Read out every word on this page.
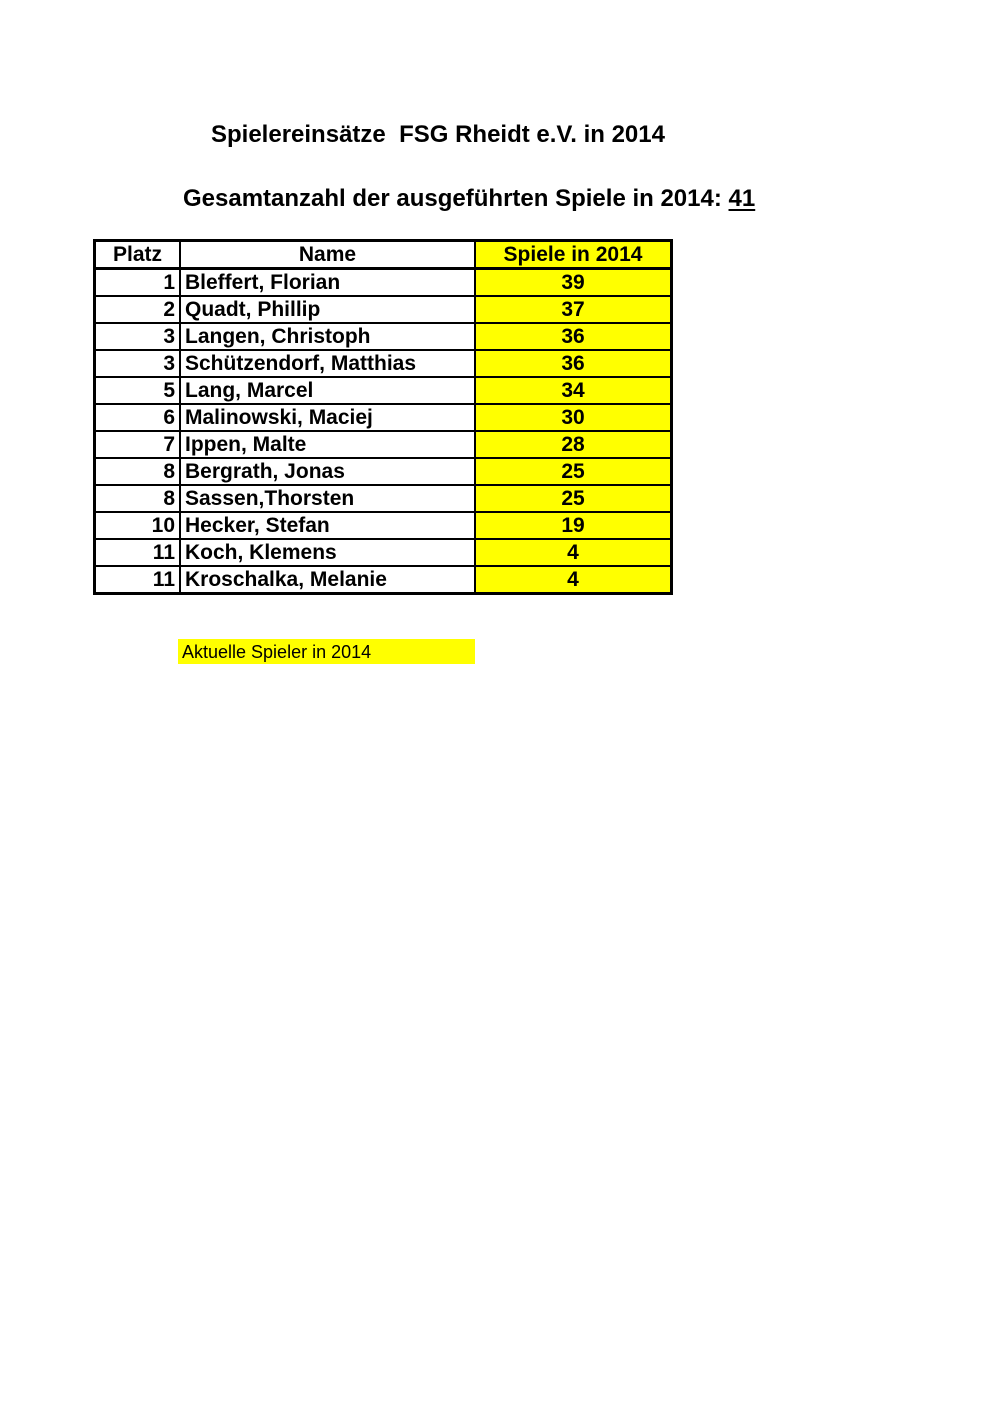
Spielereinsätze  FSG Rheidt e.V. in 2014
Gesamtanzahl der ausgeführten Spiele in 2014: 41
Platz	Name	Spiele in 2014
1	Bleffert, Florian	39
2	Quadt, Phillip	37
3	Langen, Christoph	36
3	Schützendorf, Matthias	36
5	Lang, Marcel	34
6	Malinowski, Maciej	30
7	Ippen, Malte	28
8	Bergrath, Jonas	25
8	Sassen,Thorsten	25
10	Hecker, Stefan	19
11	Koch, Klemens	4
11	Kroschalka, Melanie	4
Aktuelle Spieler in 2014
